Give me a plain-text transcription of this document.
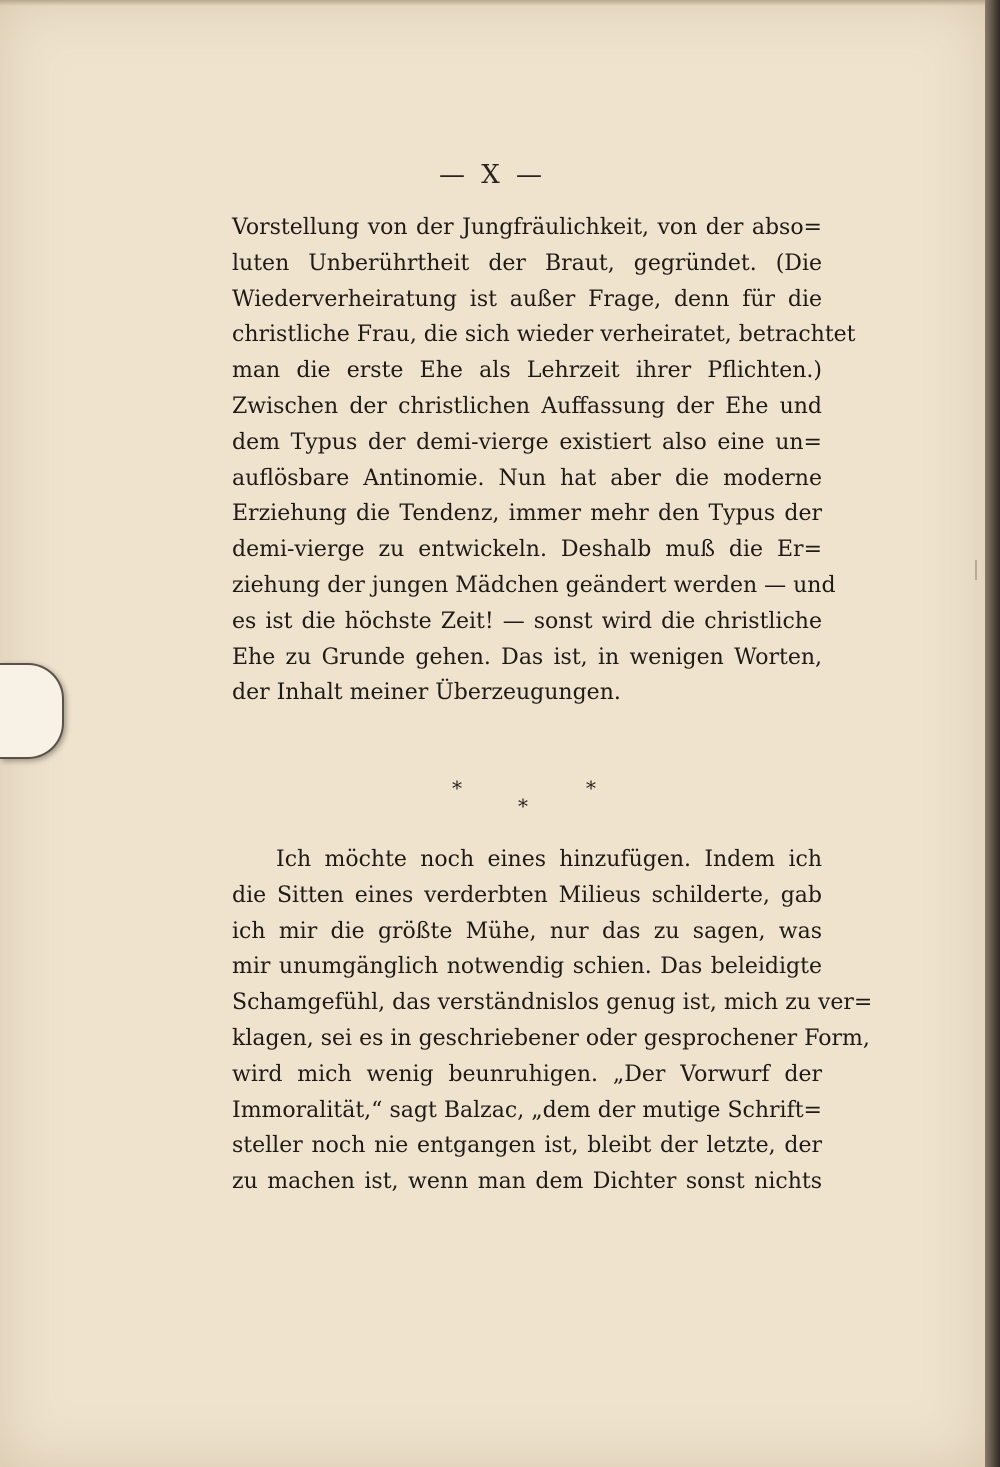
— X —
Vorstellung von der Jungfräulichkeit, von der abso=
luten Unberührtheit der Braut, gegründet. (Die
Wiederverheiratung ist außer Frage, denn für die
christliche Frau, die sich wieder verheiratet, betrachtet
man die erste Ehe als Lehrzeit ihrer Pflichten.)
Zwischen der christlichen Auffassung der Ehe und
dem Typus der demi-vierge existiert also eine un=
auflösbare Antinomie. Nun hat aber die moderne
Erziehung die Tendenz, immer mehr den Typus der
demi-vierge zu entwickeln. Deshalb muß die Er=
ziehung der jungen Mädchen geändert werden — und
es ist die höchste Zeit! — sonst wird die christliche
Ehe zu Grunde gehen. Das ist, in wenigen Worten,
der Inhalt meiner Überzeugungen.
*
*
*
Ich möchte noch eines hinzufügen. Indem ich
die Sitten eines verderbten Milieus schilderte, gab
ich mir die größte Mühe, nur das zu sagen, was
mir unumgänglich notwendig schien. Das beleidigte
Schamgefühl, das verständnislos genug ist, mich zu ver=
klagen, sei es in geschriebener oder gesprochener Form,
wird mich wenig beunruhigen. „Der Vorwurf der
Immoralität,“ sagt Balzac, „dem der mutige Schrift=
steller noch nie entgangen ist, bleibt der letzte, der
zu machen ist, wenn man dem Dichter sonst nichts
